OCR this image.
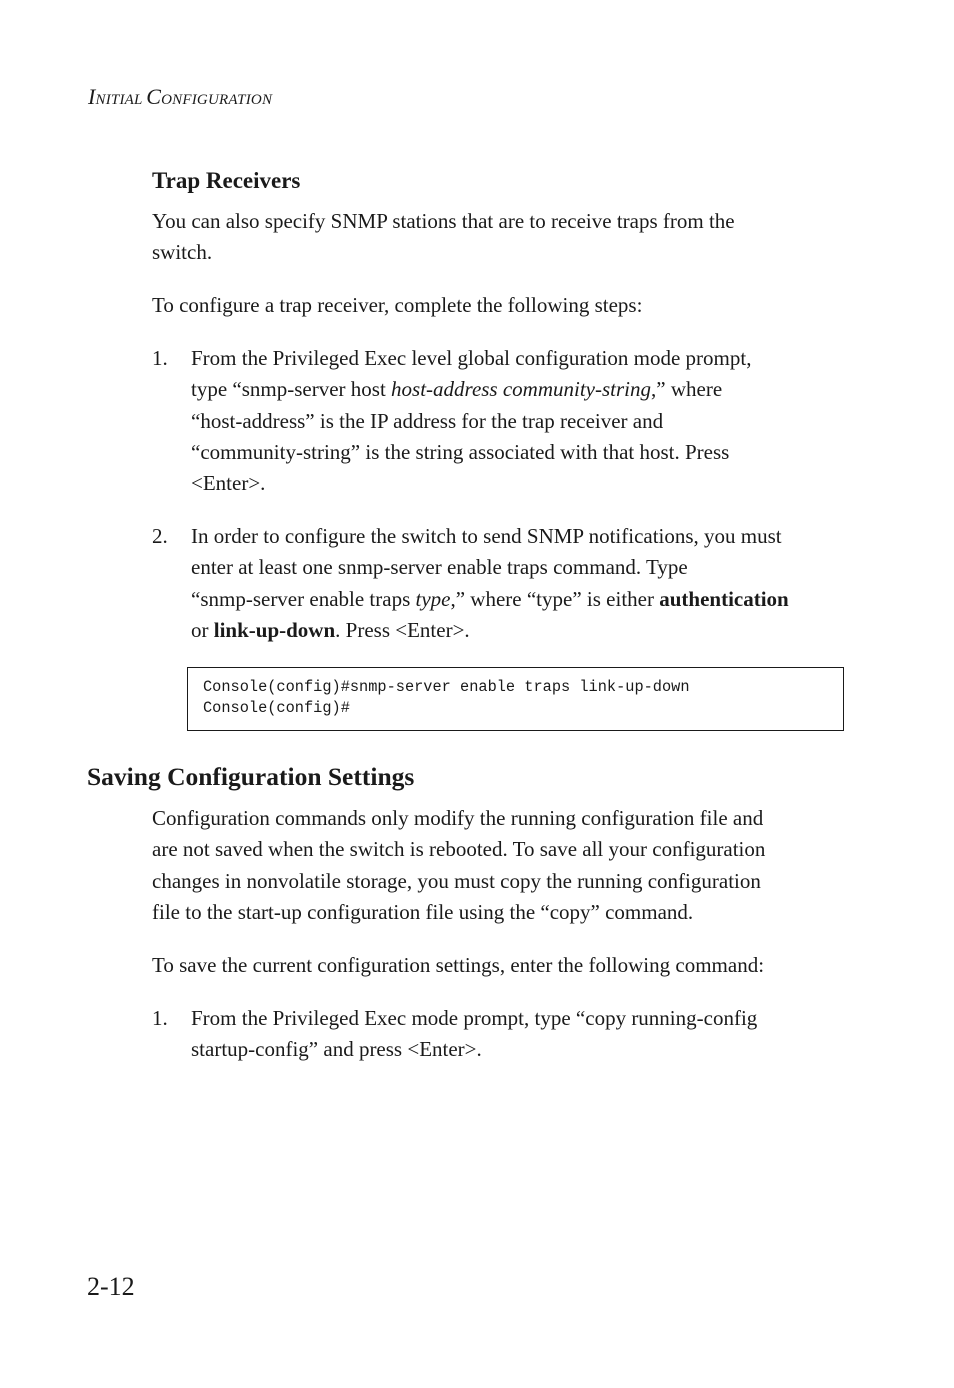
INITIAL CONFIGURATION
Trap Receivers
You can also specify SNMP stations that are to receive traps from the
switch.
To configure a trap receiver, complete the following steps:
1. From the Privileged Exec level global configuration mode prompt,
type “snmp-server host host-address community-string,” where
“host-address” is the IP address for the trap receiver and
“community-string” is the string associated with that host. Press
<Enter>.
2. In order to configure the switch to send SNMP notifications, you must
enter at least one snmp-server enable traps command. Type
“snmp-server enable traps type,” where “type” is either authentication
or link-up-down. Press <Enter>.
Console(config)#snmp-server enable traps link-up-down
Console(config)#
Saving Configuration Settings
Configuration commands only modify the running configuration file and
are not saved when the switch is rebooted. To save all your configuration
changes in nonvolatile storage, you must copy the running configuration
file to the start-up configuration file using the “copy” command.
To save the current configuration settings, enter the following command:
1. From the Privileged Exec mode prompt, type “copy running-config
startup-config” and press <Enter>.
2-12
